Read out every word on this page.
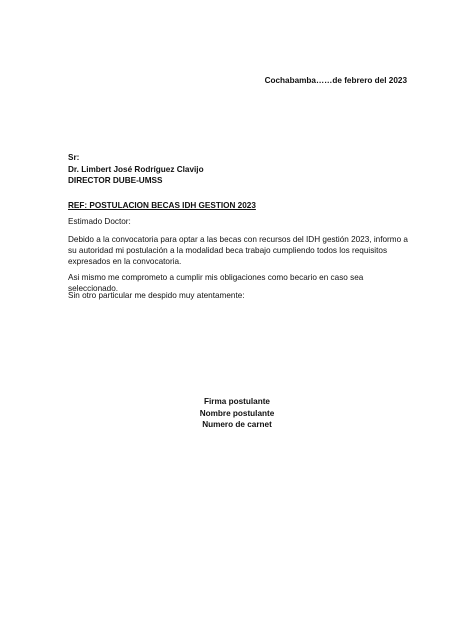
Cochabamba……de febrero del 2023
Sr:
Dr. Limbert José Rodríguez Clavijo
DIRECTOR DUBE-UMSS
REF: POSTULACION BECAS IDH GESTION 2023
Estimado Doctor:
Debido a la convocatoria para optar a las becas con recursos del IDH gestión 2023, informo a
su autoridad mi postulación a la modalidad beca trabajo cumpliendo todos los requisitos
expresados en la convocatoria.
Asi mismo me comprometo a cumplir mis obligaciones como becario en caso sea seleccionado.
Sin otro particular me despido muy atentamente:
Firma postulante
Nombre postulante
Numero de carnet
